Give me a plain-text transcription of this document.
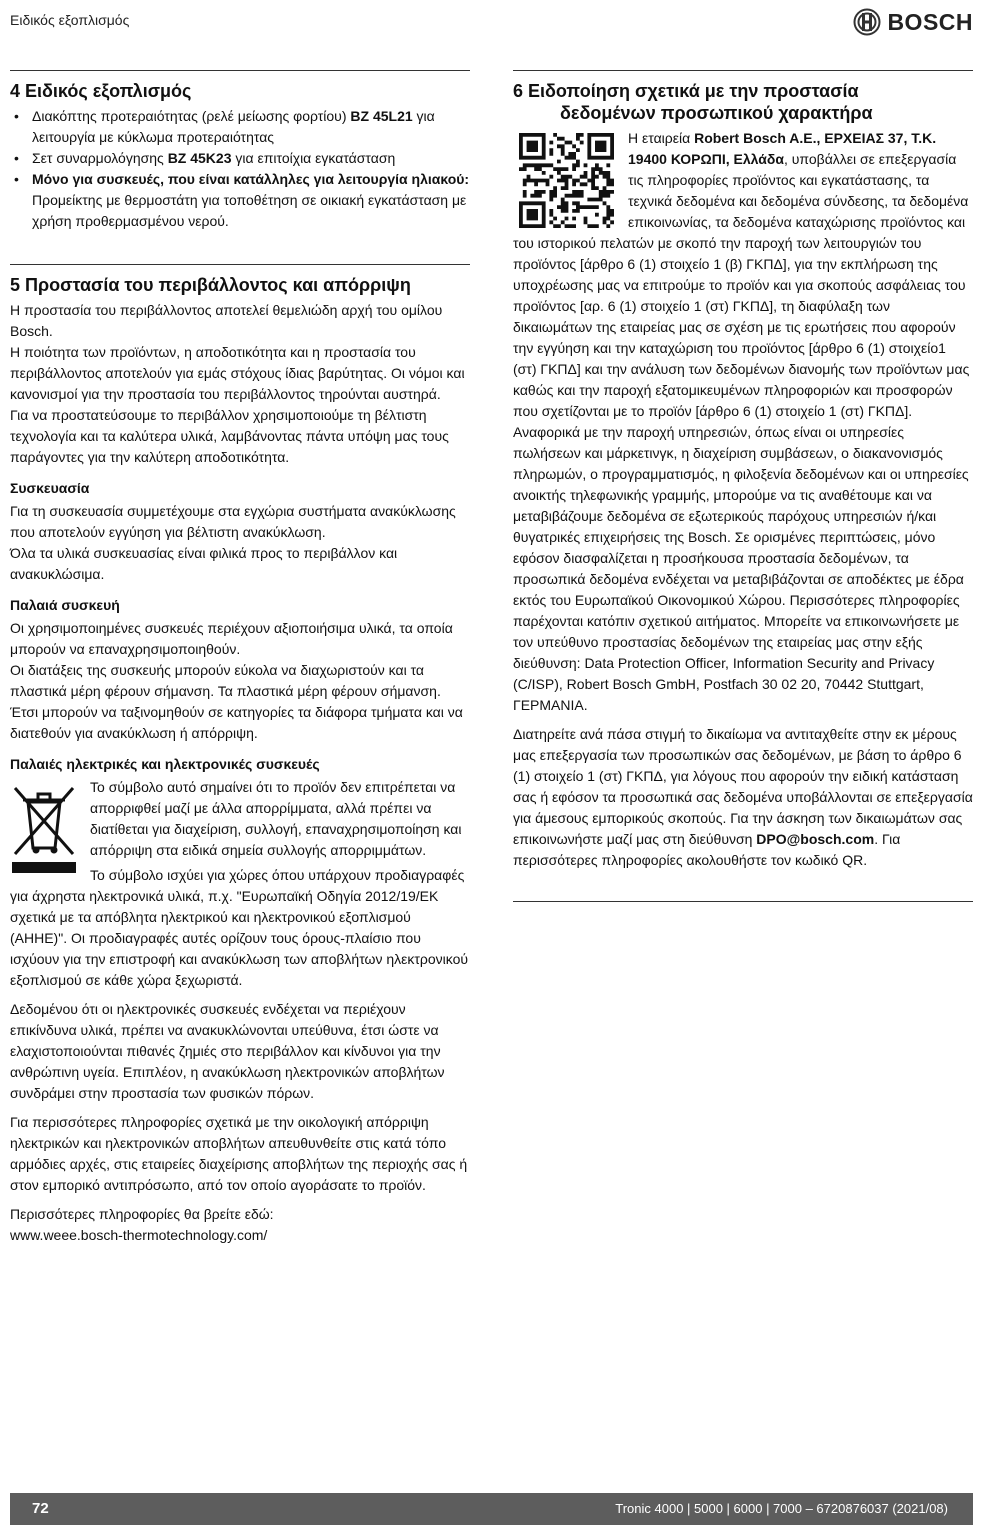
Ειδικός εξοπλισμός	BOSCH
4 Ειδικός εξοπλισμός
• Διακόπτης προτεραιότητας (ρελέ μείωσης φορτίου) BZ 45L21 για λειτουργία με κύκλωμα προτεραιότητας
• Σετ συναρμολόγησης BZ 45K23 για επιτοίχια εγκατάσταση
• Μόνο για συσκευές, που είναι κατάλληλες για λειτουργία ηλιακού: Προμείκτης με θερμοστάτη για τοποθέτηση σε οικιακή εγκατάσταση με χρήση προθερμασμένου νερού.
5 Προστασία του περιβάλλοντος και απόρριψη

Η προστασία του περιβάλλοντος αποτελεί θεμελιώδη αρχή του ομίλου Bosch.

Η ποιότητα των προϊόντων, η αποδοτικότητα και η προστασία του περιβάλλοντος αποτελούν για εμάς στόχους ίδιας βαρύτητας. Οι νόμοι και κανονισμοί για την προστασία του περιβάλλοντος τηρούνται αυστηρά.

Για να προστατεύσουμε το περιβάλλον χρησιμοποιούμε τη βέλτιστη τεχνολογία και τα καλύτερα υλικά, λαμβάνοντας πάντα υπόψη μας τους παράγοντες για την καλύτερη αποδοτικότητα.

Συσκευασία

Για τη συσκευασία συμμετέχουμε στα εγχώρια συστήματα ανακύκλωσης που αποτελούν εγγύηση για βέλτιστη ανακύκλωση.

Όλα τα υλικά συσκευασίας είναι φιλικά προς το περιβάλλον και ανακυκλώσιμα.

Παλαιά συσκευή

Οι χρησιμοποιημένες συσκευές περιέχουν αξιοποιήσιμα υλικά, τα οποία μπορούν να επαναχρησιμοποιηθούν.

Οι διατάξεις της συσκευής μπορούν εύκολα να διαχωριστούν και τα πλαστικά μέρη φέρουν σήμανση. Τα πλαστικά μέρη φέρουν σήμανση. Έτσι μπορούν να ταξινομηθούν σε κατηγορίες τα διάφορα τμήματα και να διατεθούν για ανακύκλωση ή απόρριψη.

Παλαιές ηλεκτρικές και ηλεκτρονικές συσκευές

Το σύμβολο αυτό σημαίνει ότι το προϊόν δεν επιτρέπεται να απορριφθεί μαζί με άλλα απορρίμματα, αλλά πρέπει να διατίθεται για διαχείριση, συλλογή, επαναχρησιμοποίηση και απόρριψη στα ειδικά σημεία συλλογής απορριμμάτων.

Το σύμβολο ισχύει για χώρες όπου υπάρχουν προδιαγραφές

για άχρηστα ηλεκτρονικά υλικά, π.χ. "Ευρωπαϊκή Οδηγία 2012/19/ΕΚ σχετικά με τα απόβλητα ηλεκτρικού και ηλεκτρονικού εξοπλισμού (ΑΗΗΕ)". Οι προδιαγραφές αυτές ορίζουν τους όρους-πλαίσιο που ισχύουν για την επιστροφή και ανακύκλωση των αποβλήτων ηλεκτρονικού εξοπλισμού σε κάθε χώρα ξεχωριστά.

Δεδομένου ότι οι ηλεκτρονικές συσκευές ενδέχεται να περιέχουν επικίνδυνα υλικά, πρέπει να ανακυκλώνονται υπεύθυνα, έτσι ώστε να ελαχιστοποιούνται πιθανές ζημιές στο περιβάλλον και κίνδυνοι για την ανθρώπινη υγεία. Επιπλέον, η ανακύκλωση ηλεκτρονικών αποβλήτων συνδράμει στην προστασία των φυσικών πόρων.

Για περισσότερες πληροφορίες σχετικά με την οικολογική απόρριψη ηλεκτρικών και ηλεκτρονικών αποβλήτων απευθυνθείτε στις κατά τόπο αρμόδιες αρχές, στις εταιρείες διαχείρισης αποβλήτων της περιοχής σας ή στον εμπορικό αντιπρόσωπο, από τον οποίο αγοράσατε το προϊόν.

Περισσότερες πληροφορίες θα βρείτε εδώ:

www.weee.bosch-thermotechnology.com/

6 Ειδοποίηση σχετικά με την προστασία
δεδομένων προσωπικού χαρακτήρα

Η εταιρεία Robert Bosch A.E., ΕΡΧΕΙΑΣ 37, Τ.Κ. 19400 ΚΟΡΩΠΙ, Ελλάδα, υποβάλλει σε επεξεργασία τις πληροφορίες προϊόντος και εγκατάστασης, τα τεχνικά δεδομένα και δεδομένα σύνδεσης, τα δεδομένα επικοινωνίας, τα δεδομένα καταχώρισης προϊόντος και του ιστορικού πελατών με σκοπό την παροχή των λειτουργιών του προϊόντος [άρθρο 6 (1) στοιχείο 1 (β) ΓΚΠΔ], για την εκπλήρωση της υποχρέωσης μας να επιτρούμε το προϊόν και για σκοπούς ασφάλειας του προϊόντος [αρ. 6 (1) στοιχείο 1 (στ) ΓΚΠΔ], τη διαφύλαξη των δικαιωμάτων της εταιρείας μας σε σχέση με τις ερωτήσεις που αφορούν την εγγύηση και την καταχώριση του προϊόντος [άρθρο 6 (1) στοιχείο1 (στ) ΓΚΠΔ] και την ανάλυση των δεδομένων διανομής των προϊόντων μας καθώς και την παροχή εξατομικευμένων πληροφοριών και προσφορών που σχετίζονται με το προϊόν [άρθρο 6 (1) στοιχείο 1 (στ) ΓΚΠΔ]. Αναφορικά με την παροχή υπηρεσιών, όπως είναι οι υπηρεσίες πωλήσεων και μάρκετινγκ, η διαχείριση συμβάσεων, ο διακανονισμός πληρωμών, ο προγραμματισμός, η φιλοξενία δεδομένων και οι υπηρεσίες ανοικτής τηλεφωνικής γραμμής, μπορούμε να τις αναθέτουμε και να μεταβιβάζουμε δεδομένα σε εξωτερικούς παρόχους υπηρεσιών ή/και θυγατρικές επιχειρήσεις της Bosch. Σε ορισμένες περιπτώσεις, μόνο εφόσον διασφαλίζεται η προσήκουσα προστασία δεδομένων, τα προσωπικά δεδομένα ενδέχεται να μεταβιβάζονται σε αποδέκτες με έδρα εκτός του Ευρωπαϊκού Οικονομικού Χώρου. Περισσότερες πληροφορίες παρέχονται κατόπιν σχετικού αιτήματος. Μπορείτε να επικοινωνήσετε με τον υπεύθυνο προστασίας δεδομένων της εταιρείας μας στην εξής διεύθυνση: Data Protection Officer, Information Security and Privacy (C/ISP), Robert Bosch GmbH, Postfach 30 02 20, 70442 Stuttgart, ΓΕΡΜΑΝΙΑ.

Διατηρείτε ανά πάσα στιγμή το δικαίωμα να αντιταχθείτε στην εκ μέρους μας επεξεργασία των προσωπικών σας δεδομένων, με βάση το άρθρο 6 (1) στοιχείο 1 (στ) ΓΚΠΔ, για λόγους που αφορούν την ειδική κατάσταση σας ή εφόσον τα προσωπικά σας δεδομένα υποβάλλονται σε επεξεργασία για άμεσους εμπορικούς σκοπούς. Για την άσκηση των δικαιωμάτων σας επικοινωνήστε μαζί μας στη διεύθυνση DPO@bosch.com. Για περισσότερες πληροφορίες ακολουθήστε τον κωδικό QR.

72	Tronic 4000 | 5000 | 6000 | 7000 – 6720876037 (2021/08)
